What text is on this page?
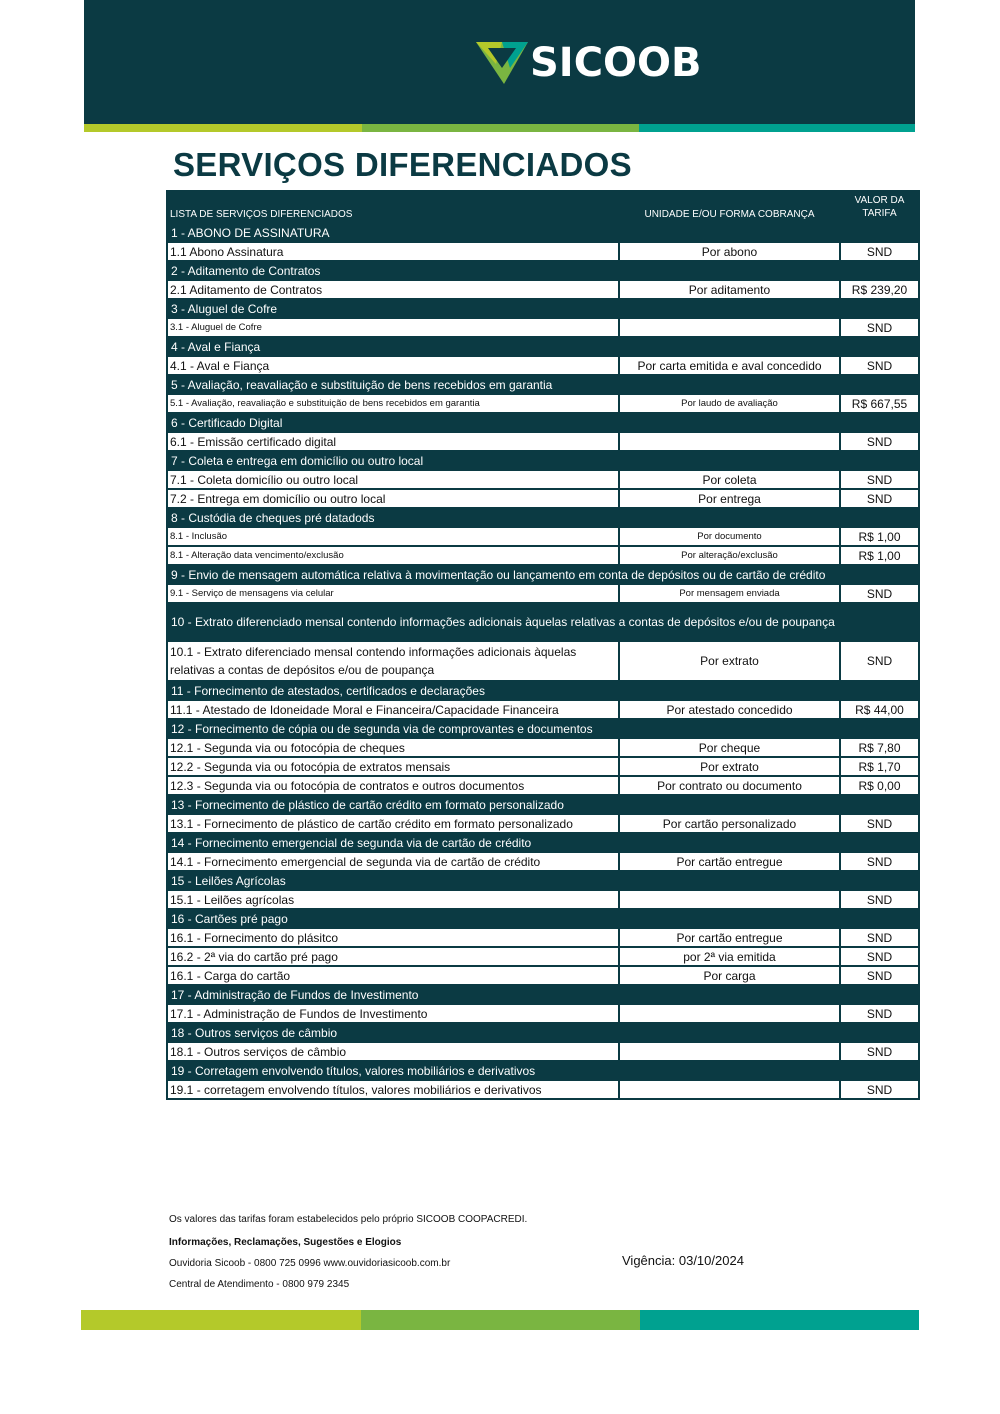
SICOOB
SERVIÇOS DIFERENCIADOS
LISTA DE SERVIÇOS DIFERENCIADOS	UNIDADE E/OU FORMA COBRANÇA	VALOR DA
TARIFA
1 - ABONO DE ASSINATURA		
1.1 Abono Assinatura	Por abono	SND
2 - Aditamento de Contratos		
2.1 Aditamento de Contratos	Por aditamento	R$ 239,20
3 - Aluguel de Cofre		
3.1 - Aluguel de Cofre		SND
4 - Aval e Fiança		
4.1 - Aval e Fiança	Por carta emitida e aval concedido	SND
5 - Avaliação, reavaliação e substituição de bens recebidos em garantia		
5.1 - Avaliação, reavaliação e substituição de bens recebidos em garantia	Por laudo de avaliação	R$ 667,55
6 - Certificado Digital		
6.1 - Emissão certificado digital		SND
7 - Coleta e entrega em domicílio ou outro local		
7.1 - Coleta domicílio ou outro local	Por coleta	SND
7.2 - Entrega em domicílio ou outro local	Por entrega	SND
8 - Custódia de cheques pré datadods		
8.1 - Inclusão	Por documento	R$ 1,00
8.1 - Alteração data vencimento/exclusão	Por alteração/exclusão	R$ 1,00
9 - Envio de mensagem automática relativa à movimentação ou lançamento em conta de depósitos ou de cartão de crédito		
9.1 - Serviço de mensagens via celular	Por mensagem enviada	SND
10 - Extrato diferenciado mensal contendo informações adicionais àquelas relativas a contas de depósitos e/ou de poupança		
10.1 - Extrato diferenciado mensal contendo informações adicionais àquelas relativas a contas de depósitos e/ou de poupança	Por extrato	SND
11 - Fornecimento de atestados, certificados e declarações		
11.1 - Atestado de Idoneidade Moral e Financeira/Capacidade Financeira	Por atestado concedido	R$ 44,00
12 - Fornecimento de cópia ou de segunda via de comprovantes e documentos		
12.1 - Segunda via ou fotocópia de cheques	Por cheque	R$ 7,80
12.2 - Segunda via ou fotocópia de extratos mensais	Por extrato	R$ 1,70
12.3 - Segunda via ou fotocópia de contratos e outros documentos	Por contrato ou documento	R$ 0,00
13 - Fornecimento de plástico de cartão crédito em formato personalizado		
13.1 - Fornecimento de plástico de cartão crédito em formato personalizado	Por cartão personalizado	SND
14 - Fornecimento emergencial de segunda via de cartão de crédito		
14.1 - Fornecimento emergencial de segunda via de cartão de crédito	Por cartão entregue	SND
15 - Leilões Agrícolas		
15.1 - Leilões agrícolas		SND
16 - Cartões pré pago		
16.1 - Fornecimento do plásitco	Por cartão entregue	SND
16.2 - 2ª via do cartão pré pago	por 2ª via emitida	SND
16.1 - Carga do cartão	Por carga	SND
17 - Administração de Fundos de Investimento		
17.1 - Administração de Fundos de Investimento		SND
18 - Outros serviços de câmbio		
18.1 - Outros serviços de câmbio		SND
19 - Corretagem envolvendo títulos, valores mobiliários e derivativos		
19.1 - corretagem envolvendo títulos, valores mobiliários e derivativos		SND
Os valores das tarifas foram estabelecidos pelo próprio SICOOB COOPACREDI.
Informações, Reclamações, Sugestões e Elogios
Ouvidoria Sicoob - 0800 725 0996 www.ouvidoriasicoob.com.br
Central de Atendimento - 0800 979 2345
Vigência: 03/10/2024
